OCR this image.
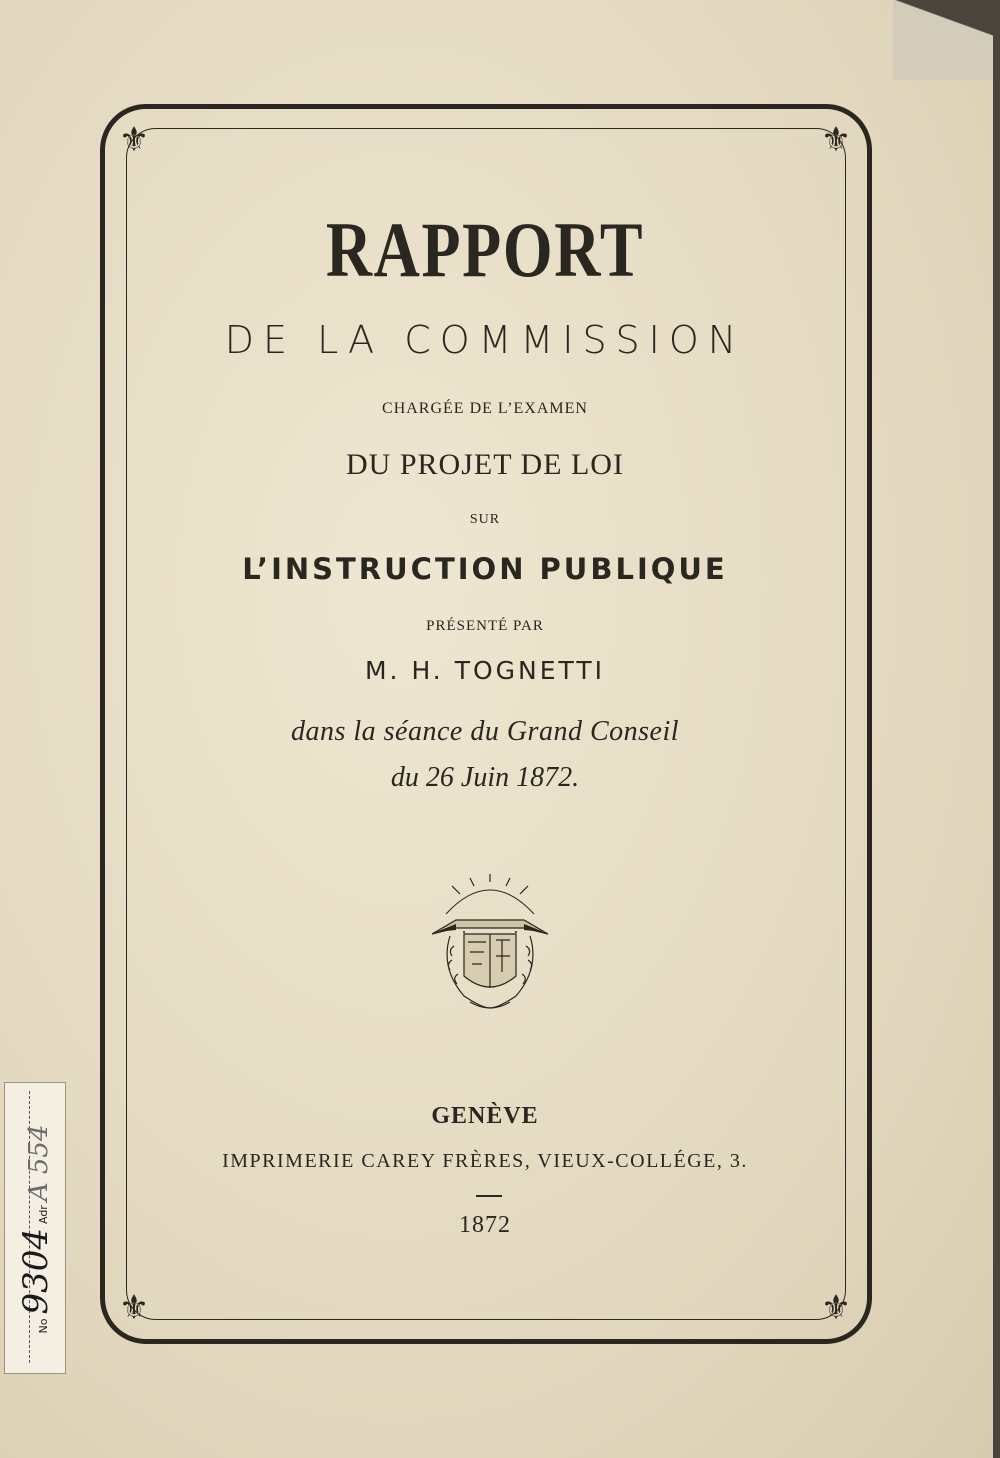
⚜	⚜
⚜	⚜
RAPPORT
DE LA COMMISSION
CHARGÉE DE L’EXAMEN
DU PROJET DE LOI
SUR
L’INSTRUCTION PUBLIQUE
PRÉSENTÉ PAR
M. H. TOGNETTI
dans la séance du Grand Conseil
du 26 Juin 1872.
GENÈVE
IMPRIMERIE CAREY FRÈRES, VIEUX-COLLÉGE, 3.
1872
No9304AdrA 554
